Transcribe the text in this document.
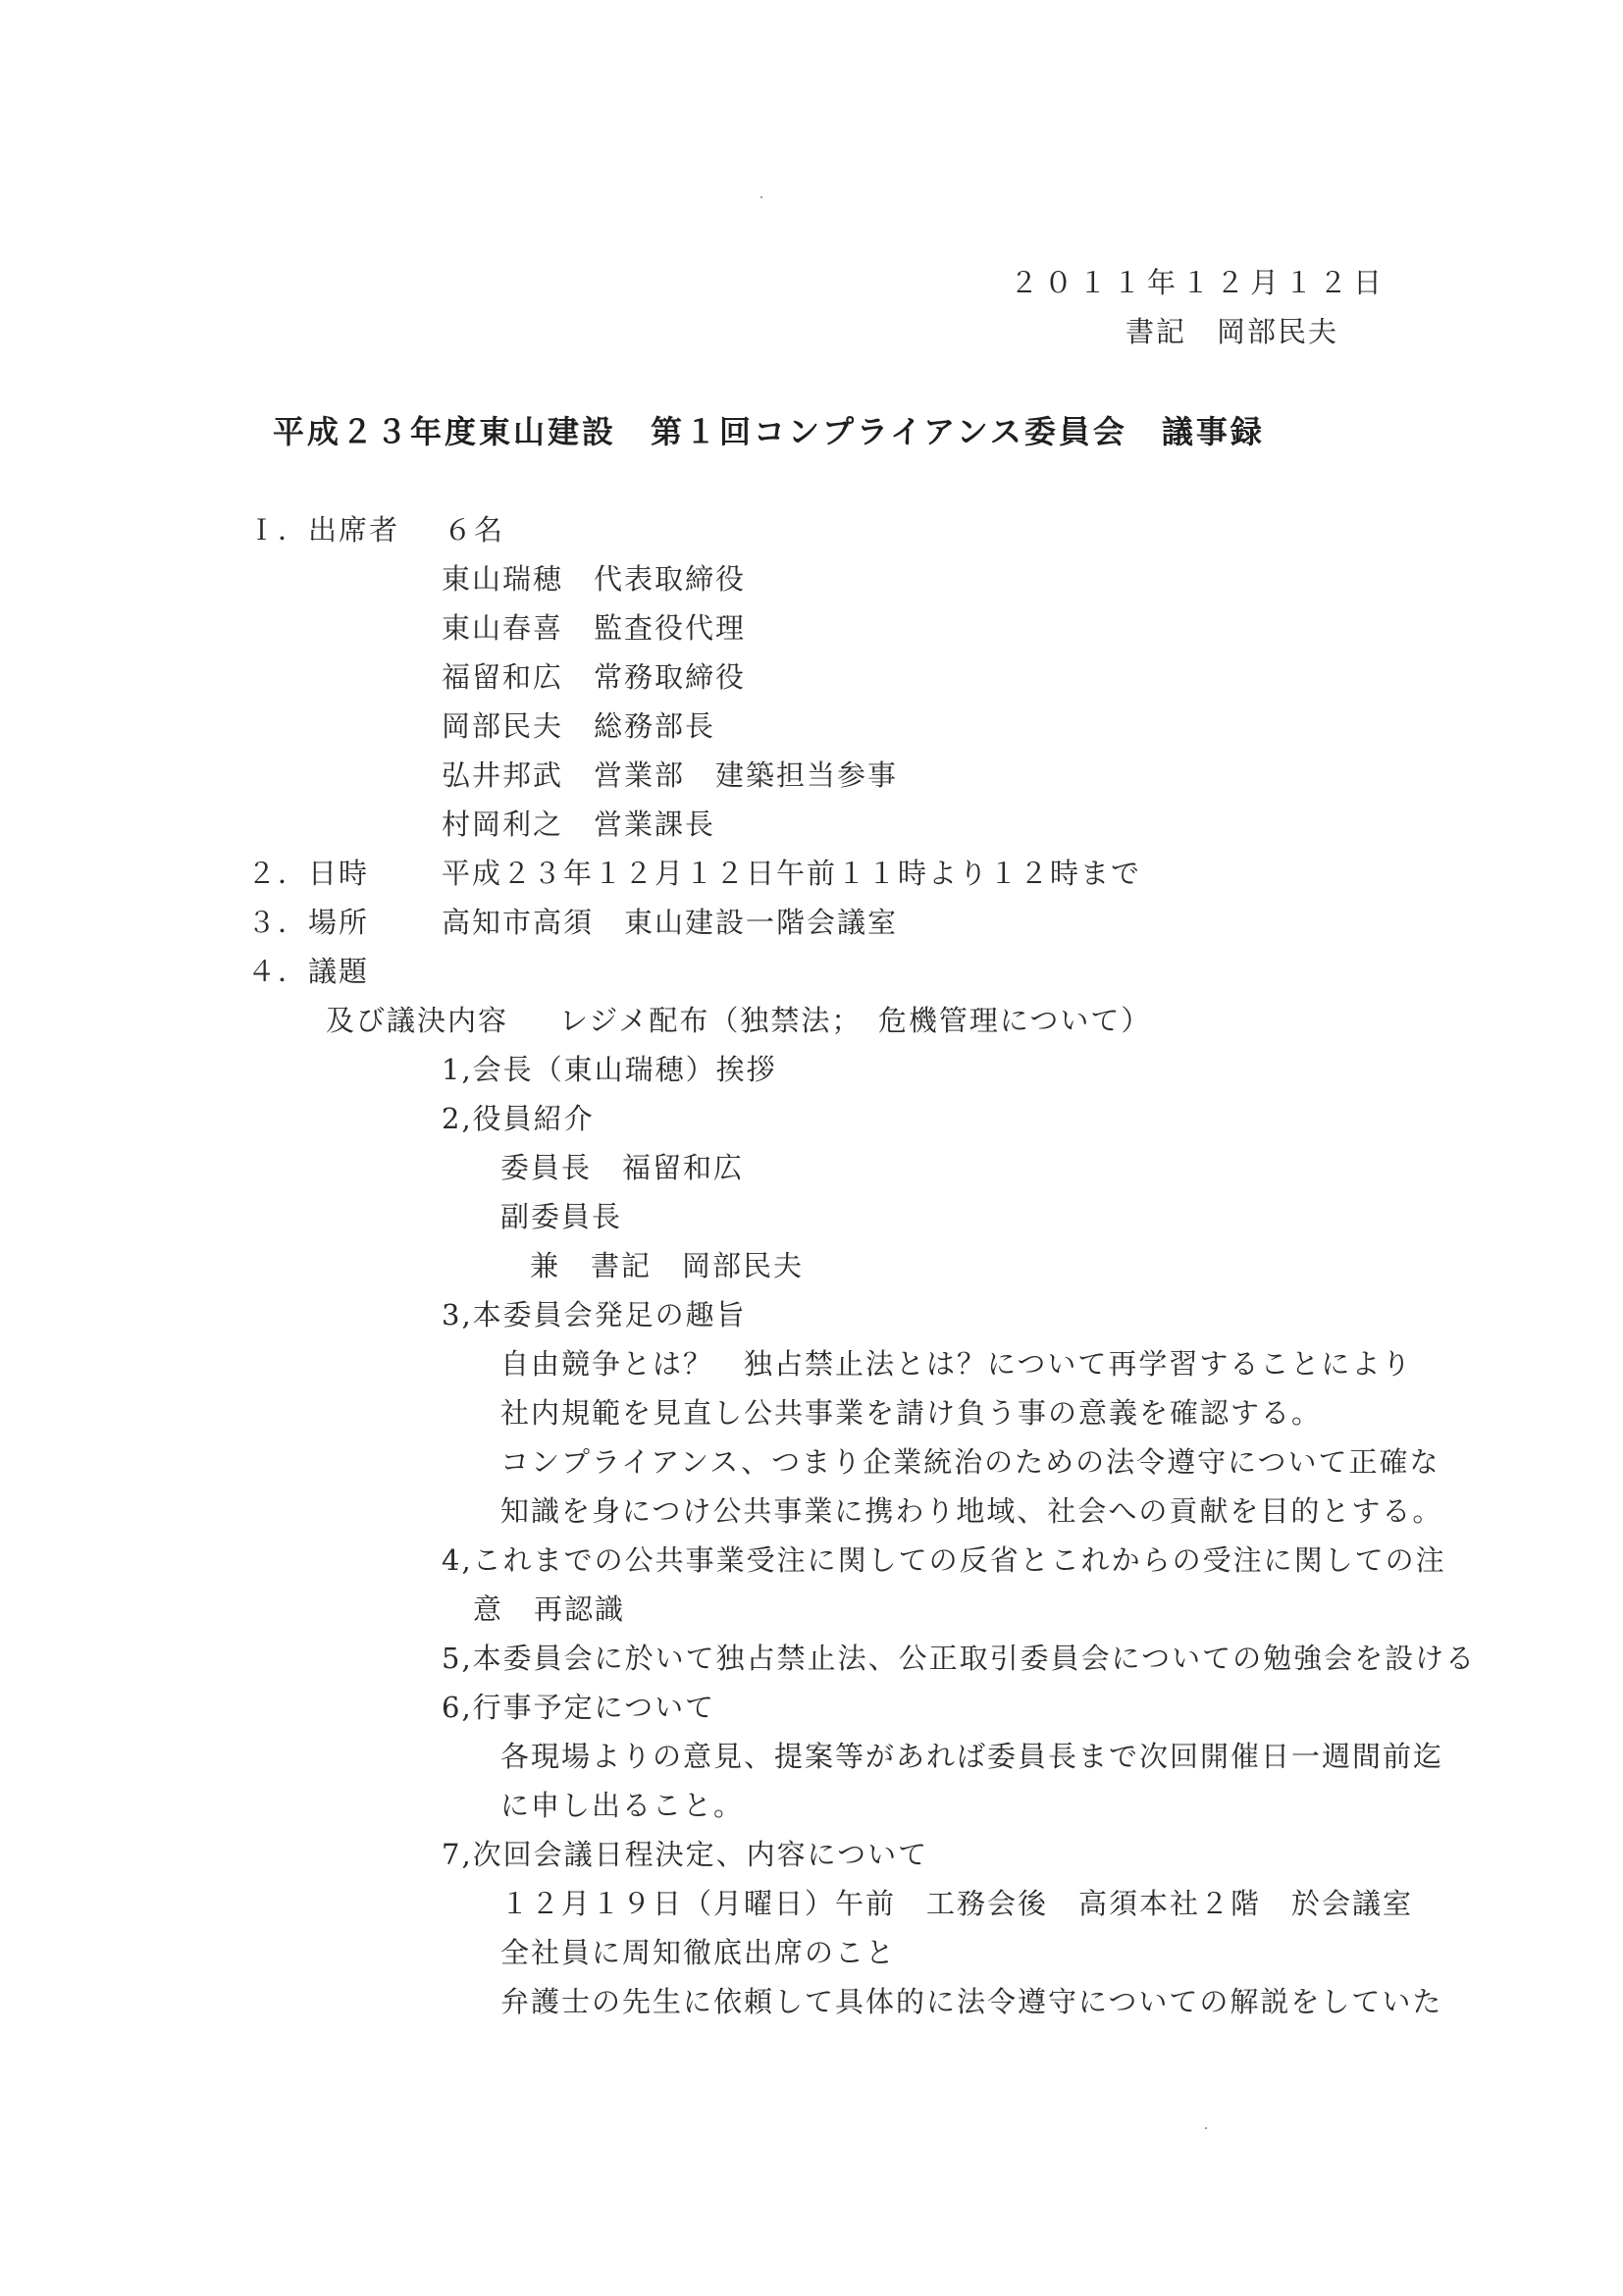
２０１１年１２月１２日
書記　岡部民夫
平成２３年度東山建設　第１回コンプライアンス委員会　議事録
Ｉ．出席者 ６名
東山瑞穂　代表取締役
東山春喜　監査役代理
福留和広　常務取締役
岡部民夫　総務部長
弘井邦武　営業部　建築担当参事
村岡利之　営業課長
２．日時	平成２３年１２月１２日午前１１時より１２時まで
３．場所	高知市高須　東山建設一階会議室
４．議題
及び議決内容 レジメ配布（独禁法；　危機管理について）
1,会長（東山瑞穂）挨拶
2,役員紹介
委員長　福留和広
副委員長
兼　書記　岡部民夫
3,本委員会発足の趣旨
自由競争とは？　独占禁止法とは？について再学習することにより
社内規範を見直し公共事業を請け負う事の意義を確認する。
コンプライアンス、つまり企業統治のための法令遵守について正確な
知識を身につけ公共事業に携わり地域、社会への貢献を目的とする。
4,これまでの公共事業受注に関しての反省とこれからの受注に関しての注
意　再認識
5,本委員会に於いて独占禁止法、公正取引委員会についての勉強会を設ける
6,行事予定について
各現場よりの意見、提案等があれば委員長まで次回開催日一週間前迄
に申し出ること。
7,次回会議日程決定、内容について
１２月１９日（月曜日）午前　工務会後　高須本社２階　於会議室
全社員に周知徹底出席のこと
弁護士の先生に依頼して具体的に法令遵守についての解説をしていた
